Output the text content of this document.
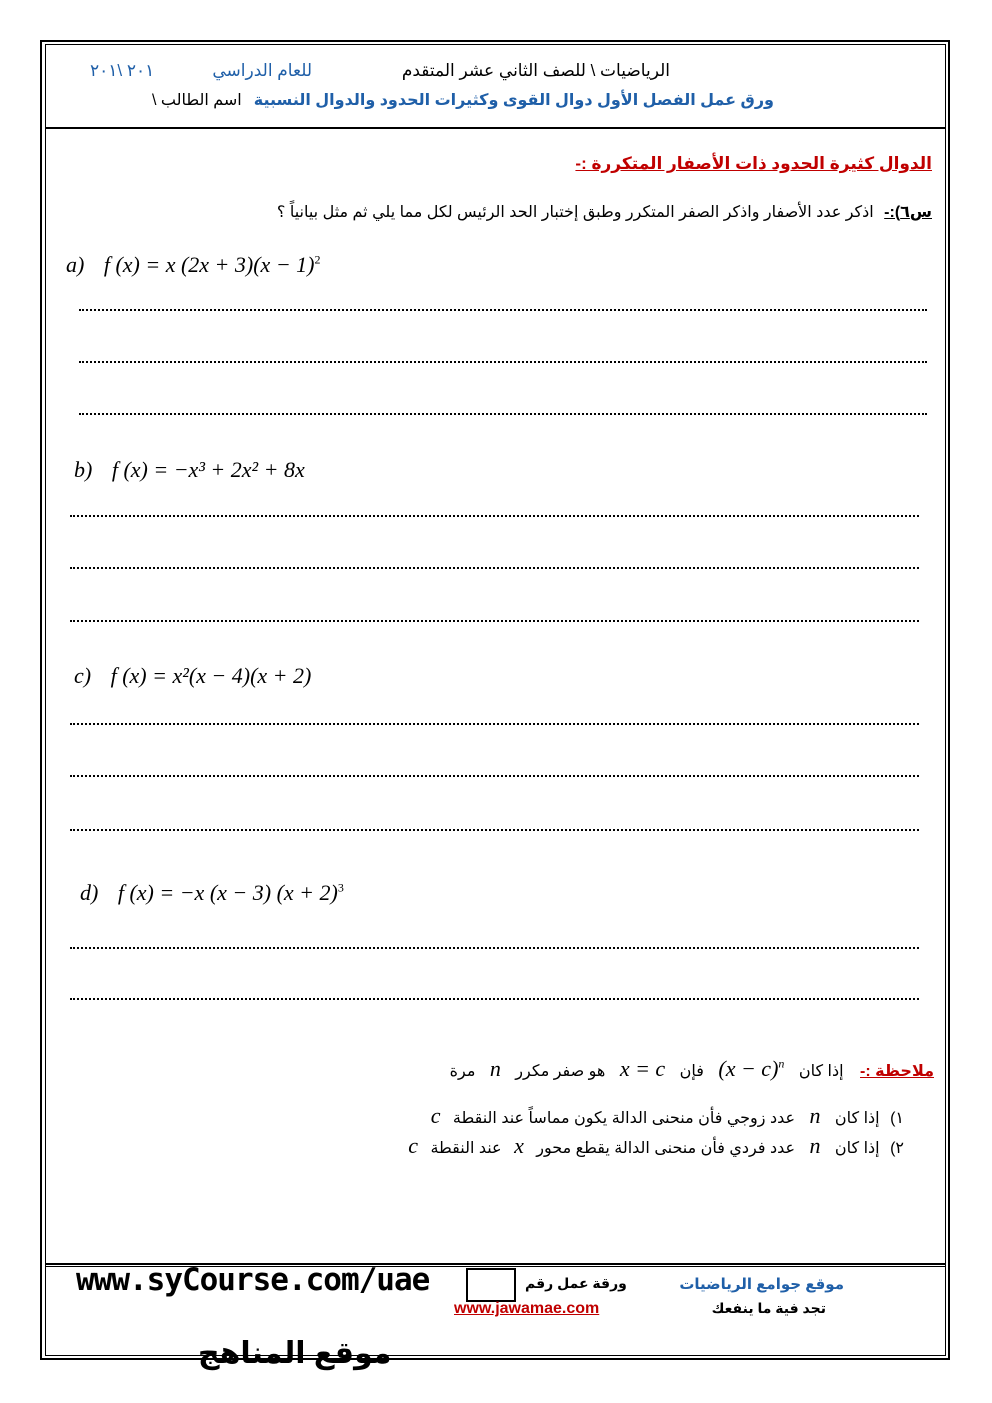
الرياضيات \ للصف الثاني عشر المتقدم
للعام الدراسي
٢٠١ \٢٠١
ورق عمل الفصل الأول دوال القوى وكثيرات الحدود والدوال النسبية
اسم الطالب \
الدوال كثيرة الحدود ذات الأصفار المتكررة :-
س٦):- اذكر عدد الأصفار واذكر الصفر المتكرر وطبق إختبار الحد الرئيس لكل مما يلي ثم مثل بيانياً ؟
a) f (x) = x $(2x + 3)(x - 1)^2$
b) f (x) = −x³ + 2x² + 8x
c) f (x) = x²(x − 4)(x + 2)
d) f (x) = −x (x − 3) $(x + 2)^3$
ملاحظة :- إذا كان $(x - c)^n$ فإن x = c هو صفر مكرر n مرة
١) إذا كان n عدد زوجي فأن منحنى الدالة يكون مماساً عند النقطة c
٢) إذا كان n عدد فردي فأن منحنى الدالة يقطع محور x عند النقطة c
www.syCourse.com/uae	ورقة عمل رقم	موقع جوامع الرياضيات
www.jawamae.com	تجد فية ما ينفعك
موقع المناهج
